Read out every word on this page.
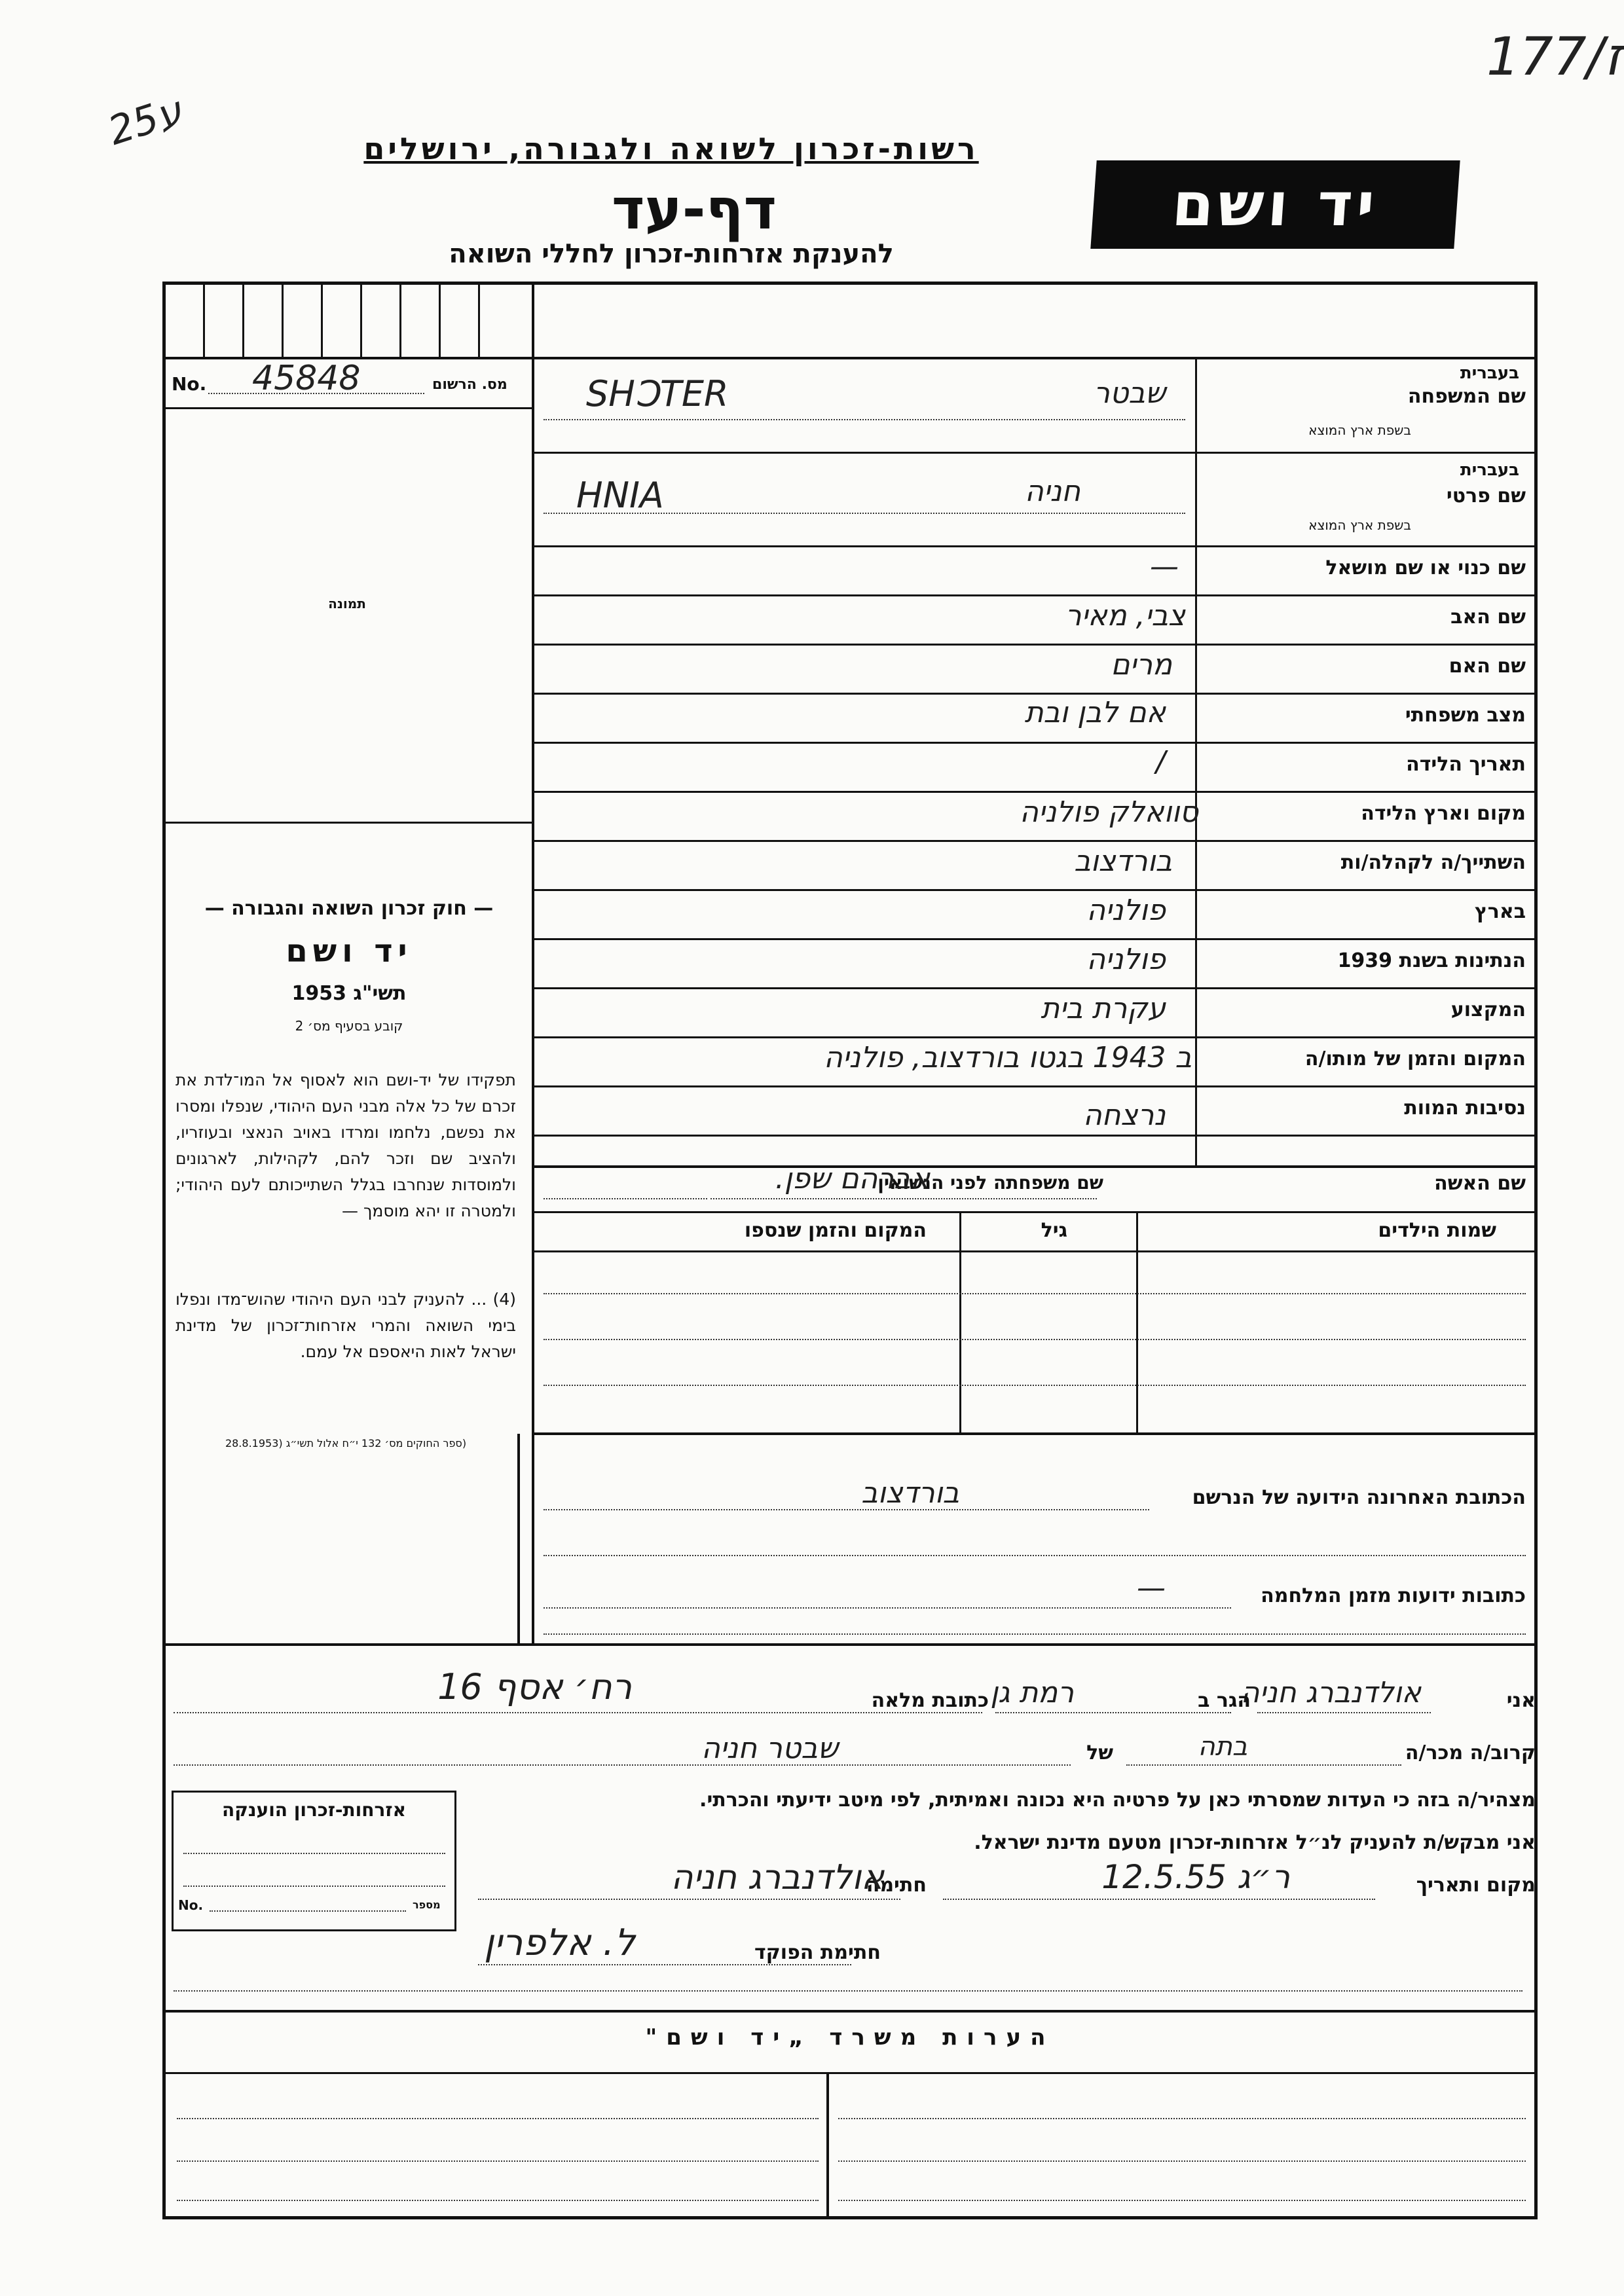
25ע
177/ז
רשות-זכרון לשואה ולגבורה, ירושלים
דף-עד
להענקת אזרחות-זכרון לחללי השואה
יד ושם
No. 45848	מס. הרשום
תמונה
— חוק זכרון השואה והגבורה —
יד ושם
תשי"ג 1953
קובע בסעיף מס׳ 2
תפקידו של יד-ושם הוא לאסוף אל המו־לדת את זכרם של כל אלה מבני העם היהודי, שנפלו ומסרו את נפשם, נלחמו ומרדו באויב הנאצי ובעוזריו, ולהציב שם וזכר להם, לקהילות, לארגונים ולמוסדות שנחרבו בגלל השתייכותם לעם היהודי; ולמטרה זו יהא מוסמך —
(4) ... להעניק לבני העם היהודי שהוש־מדו ונפלו בימי השואה והמרי אזרחות־זכרון של מדינת ישראל לאות היאספם אל עמם.
(ספר החוקים מס׳ 132 י״ח אלול תשי״ג (28.8.1953
שם המשפחה
בעברית
בשפת ארץ המוצא
שם פרטי
בעברית
בשפת ארץ המוצא
שבטר
SHϽTER
חניה
HNIA
שם כנוי או שם מושאל
—
שם האב
צבי, מאיר
שם האם
מרים
מצב משפחתי
אם לבן ובת
תאריך הלידה
/
מקום וארץ הלידה
סוואלק פולניה
השתייך/ה לקהלה/ות
בורדצוב
בארץ
פולניה
הנתינות בשנת 1939
פולניה
המקצוע
עקרת בית
המקום והזמן של מותו/ה
ב 1943 בגטו בורדצוב, פולניה
נסיבות המוות
נרצחה
שם האשה
שם משפחתה לפני הנשואין
אברהם שפן.
שמות הילדים
גיל
המקום והזמן שנספו
הכתובת האחרונה הידועה של הנרשם
בורדצוב
כתובות ידועות מזמן המלחמה
—
אני
אולדנברג חניה
הגר ב
רמת גן
כתובת מלאה
רח׳ אסף 16
קרוב/ה מכר/ה
בתה
של
שבטר חניה
מצהיר/ה בזה כי העדות שמסרתי כאן על פרטיה היא נכונה ואמיתית, לפי מיטב ידיעתי והכרתי.
אני מבקש/ת להעניק לנ״ל אזרחות-זכרון מטעם מדינת ישראל.
מקום ותאריך
ר״ג 12.5.55
חתימה
אולדנברג חניה
חתימת הפוקד
ל. אלפרין
אזרחות-זכרון הוענקה
No.	מספר
הערות משרד „יד ושם"
